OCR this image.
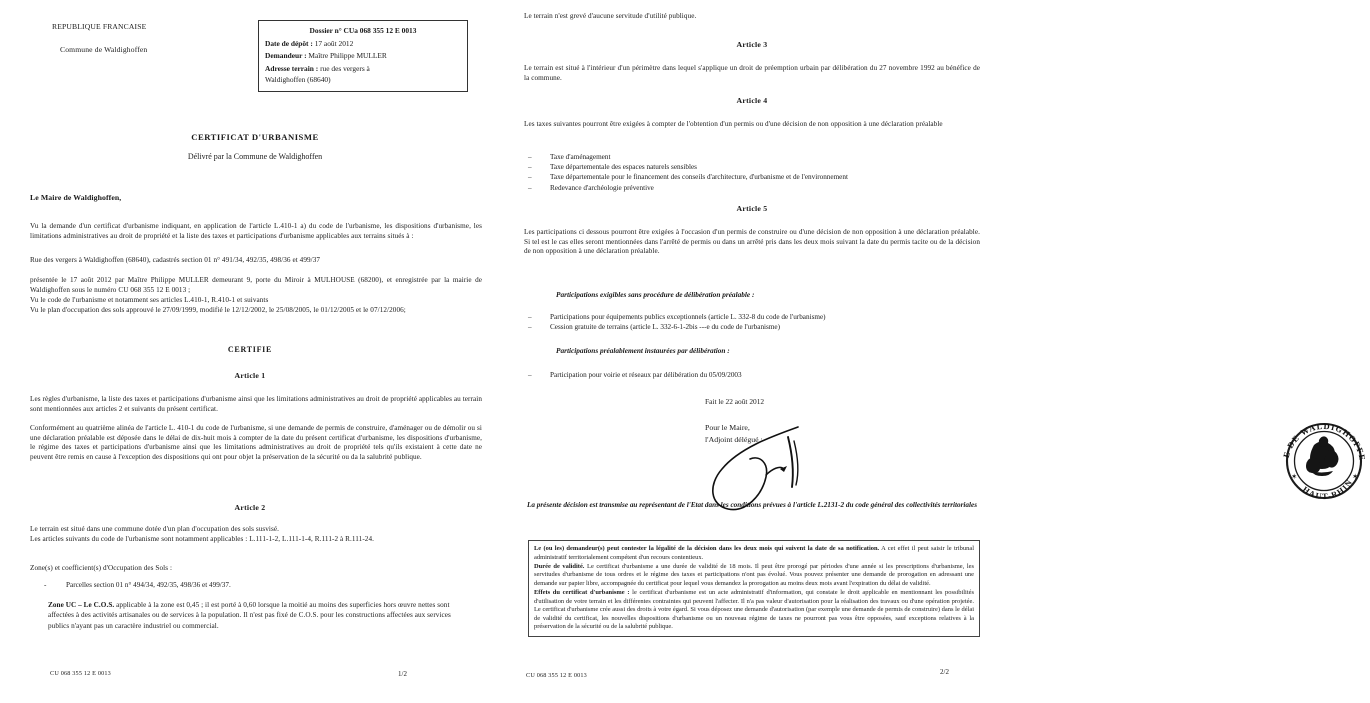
REPUBLIQUE FRANCAISE
Commune de Waldighoffen
Dossier n° CUa 068 355 12 E 0013
Date de dépôt : 17 août 2012
Demandeur : Maître Philippe MULLER
Adresse terrain : rue des vergers à
Waldighoffen (68640)
CERTIFICAT D'URBANISME
Délivré par la Commune de Waldighoffen
Le Maire de Waldighoffen,
Vu la demande d'un certificat d'urbanisme indiquant, en application de l'article L.410-1 a) du code de l'urbanisme, les dispositions d'urbanisme, les limitations administratives au droit de propriété et la liste des taxes et participations d'urbanisme applicables aux terrains situés à :
Rue des vergers à Waldighoffen (68640), cadastrés section 01 n° 491/34, 492/35, 498/36 et 499/37
présentée le 17 août 2012 par Maître Philippe MULLER demeurant 9, porte du Miroir à MULHOUSE (68200), et enregistrée par la mairie de Waldighoffen sous le numéro CU 068 355 12 E 0013 ;
Vu le code de l'urbanisme et notamment ses articles L.410-1, R.410-1 et suivants
Vu le plan d'occupation des sols approuvé le 27/09/1999, modifié le 12/12/2002, le 25/08/2005, le 01/12/2005 et le 07/12/2006;
CERTIFIE
Article 1
Les règles d'urbanisme, la liste des taxes et participations d'urbanisme ainsi que les limitations administratives au droit de propriété applicables au terrain sont mentionnées aux articles 2 et suivants du présent certificat.
Conformément au quatrième alinéa de l'article L. 410-1 du code de l'urbanisme, si une demande de permis de construire, d'aménager ou de démolir ou si une déclaration préalable est déposée dans le délai de dix-huit mois à compter de la date du présent certificat d'urbanisme, les dispositions d'urbanisme, le régime des taxes et participations d'urbanisme ainsi que les limitations administratives au droit de propriété tels qu'ils existaient à cette date ne peuvent être remis en cause à l'exception des dispositions qui ont pour objet la préservation de la sécurité ou da la salubrité publique.
Article 2
Le terrain est situé dans une commune dotée d'un plan d'occupation des sols susvisé.
Les articles suivants du code de l'urbanisme sont notamment applicables : L.111-1-2, L.111-1-4, R.111-2 à R.111-24.
Zone(s) et coefficient(s) d'Occupation des Sols :
-	Parcelles section 01 n° 494/34, 492/35, 498/36 et 499/37.
Zone UC – Le C.O.S. applicable à la zone est 0,45 ; il est porté à 0,60 lorsque la moitié au moins des superficies hors œuvre nettes sont affectées à des activités artisanales ou de services à la population. Il n'est pas fixé de C.O.S. pour les constructions affectées aux services publics n'ayant pas un caractère industriel ou commercial.
CU 068 355 12 E 0013	1/2
Le terrain n'est grevé d'aucune servitude d'utilité publique.
Article 3
Le terrain est situé à l'intérieur d'un périmètre dans lequel s'applique un droit de préemption urbain par délibération du 27 novembre 1992 au bénéfice de la commune.
Article 4
Les taxes suivantes pourront être exigées à compter de l'obtention d'un permis ou d'une décision de non opposition à une déclaration préalable
–	Taxe d'aménagement
–	Taxe départementale des espaces naturels sensibles
–	Taxe départementale pour le financement des conseils d'architecture, d'urbanisme et de l'environnement
–	Redevance d'archéologie préventive
Article 5
Les participations ci dessous pourront être exigées à l'occasion d'un permis de construire ou d'une décision de non opposition à une déclaration préalable. Si tel est le cas elles seront mentionnées dans l'arrêté de permis ou dans un arrêté pris dans les deux mois suivant la date du permis tacite ou de la décision de non opposition à une déclaration préalable.
Participations exigibles sans procédure de délibération préalable :
–	Participations pour équipements publics exceptionnels (article L. 332-8 du code de l'urbanisme)
–	Cession gratuite de terrains (article L. 332-6-1-2bis ---e du code de l'urbanisme)
Participations préalablement instaurées par délibération :
–	Participation pour voirie et réseaux par délibération du 05/09/2003
Fait le 22 août 2012
Pour le Maire,
l'Adjoint délégué :
E DE WALDIGHOFFE
HAUT-RHIN
✶	✶
La présente décision est transmise au représentant de l'Etat dans les conditions prévues à l'article L.2131-2 du code général des collectivités territoriales

Le (ou les) demandeur(s) peut contester la légalité de la décision dans les deux mois qui suivent la date de sa notification. A cet effet il peut saisir le tribunal administratif territorialement compétent d'un recours contentieux.

Durée de validité. Le certificat d'urbanisme a une durée de validité de 18 mois. Il peut être prorogé par périodes d'une année si les prescriptions d'urbanisme, les servitudes d'urbanisme de tous ordres et le régime des taxes et participations n'ont pas évolué. Vous pouvez présenter une demande de prorogation en adressant une demande sur papier libre, accompagnée du certificat pour lequel vous demandez la prorogation au moins deux mois avant l'expiration du délai de validité.

Effets du certificat d'urbanisme : le certificat d'urbanisme est un acte administratif d'information, qui constate le droit applicable en mentionnant les possibilités d'utilisation de votre terrain et les différentes contraintes qui peuvent l'affecter. Il n'a pas valeur d'autorisation pour la réalisation des travaux ou d'une opération projetée. Le certificat d'urbanisme crée aussi des droits à votre égard. Si vous déposez une demande d'autorisation (par exemple une demande de permis de construire) dans le délai de validité du certificat, les nouvelles dispositions d'urbanisme ou un nouveau régime de taxes ne pourront pas vous être opposées, sauf exceptions relatives à la préservation de la sécurité ou de la salubrité publique.

CU 068 355 12 E 0013	2/2
